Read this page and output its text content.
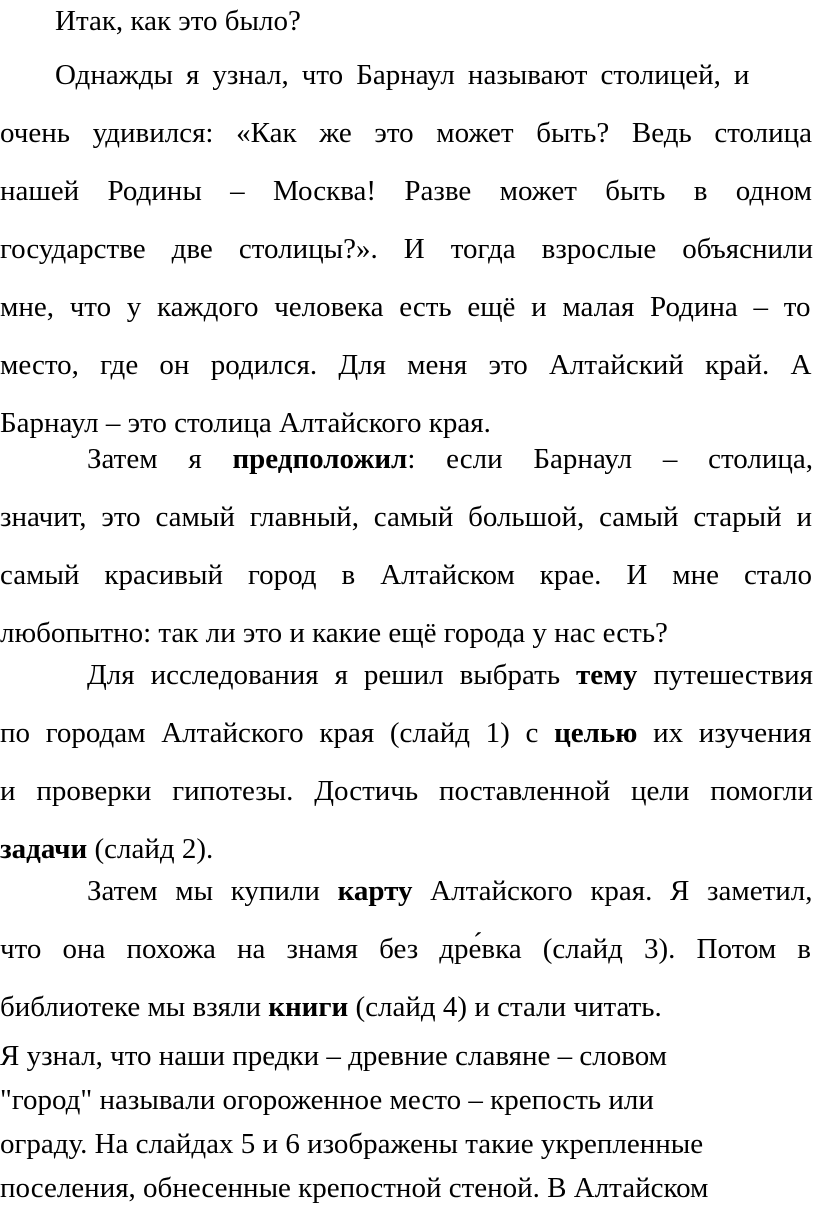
Итак, как это было?
Однажды я узнал, что Барнаул называют столицей, и
очень удивился: «Как же это может быть? Ведь столица
нашей Родины – Москва! Разве может быть в одном
государстве две столицы?». И тогда взрослые объяснили
мне, что у каждого человека есть ещё и малая Родина – то
место, где он родился. Для меня это Алтайский край. А
Барнаул – это столица Алтайского края.
Затем я предположил: если Барнаул – столица,
значит, это самый главный, самый большой, самый старый и
самый красивый город в Алтайском крае. И мне стало
любопытно: так ли это и какие ещё города у нас есть?
Для исследования я решил выбрать тему путешествия
по городам Алтайского края (слайд 1) с целью их изучения
и проверки гипотезы. Достичь поставленной цели помогли
задачи (слайд 2).
Затем мы купили карту Алтайского края. Я заметил,
что она похожа на знамя без дре́вка (слайд 3). Потом в
библиотеке мы взяли книги (слайд 4) и стали читать.
Я узнал, что наши предки – древние славяне – словом
"город" называли огороженное место – крепость или
ограду. На слайдах 5 и 6 изображены такие укрепленные
поселения, обнесенные крепостной стеной. В Алтайском
